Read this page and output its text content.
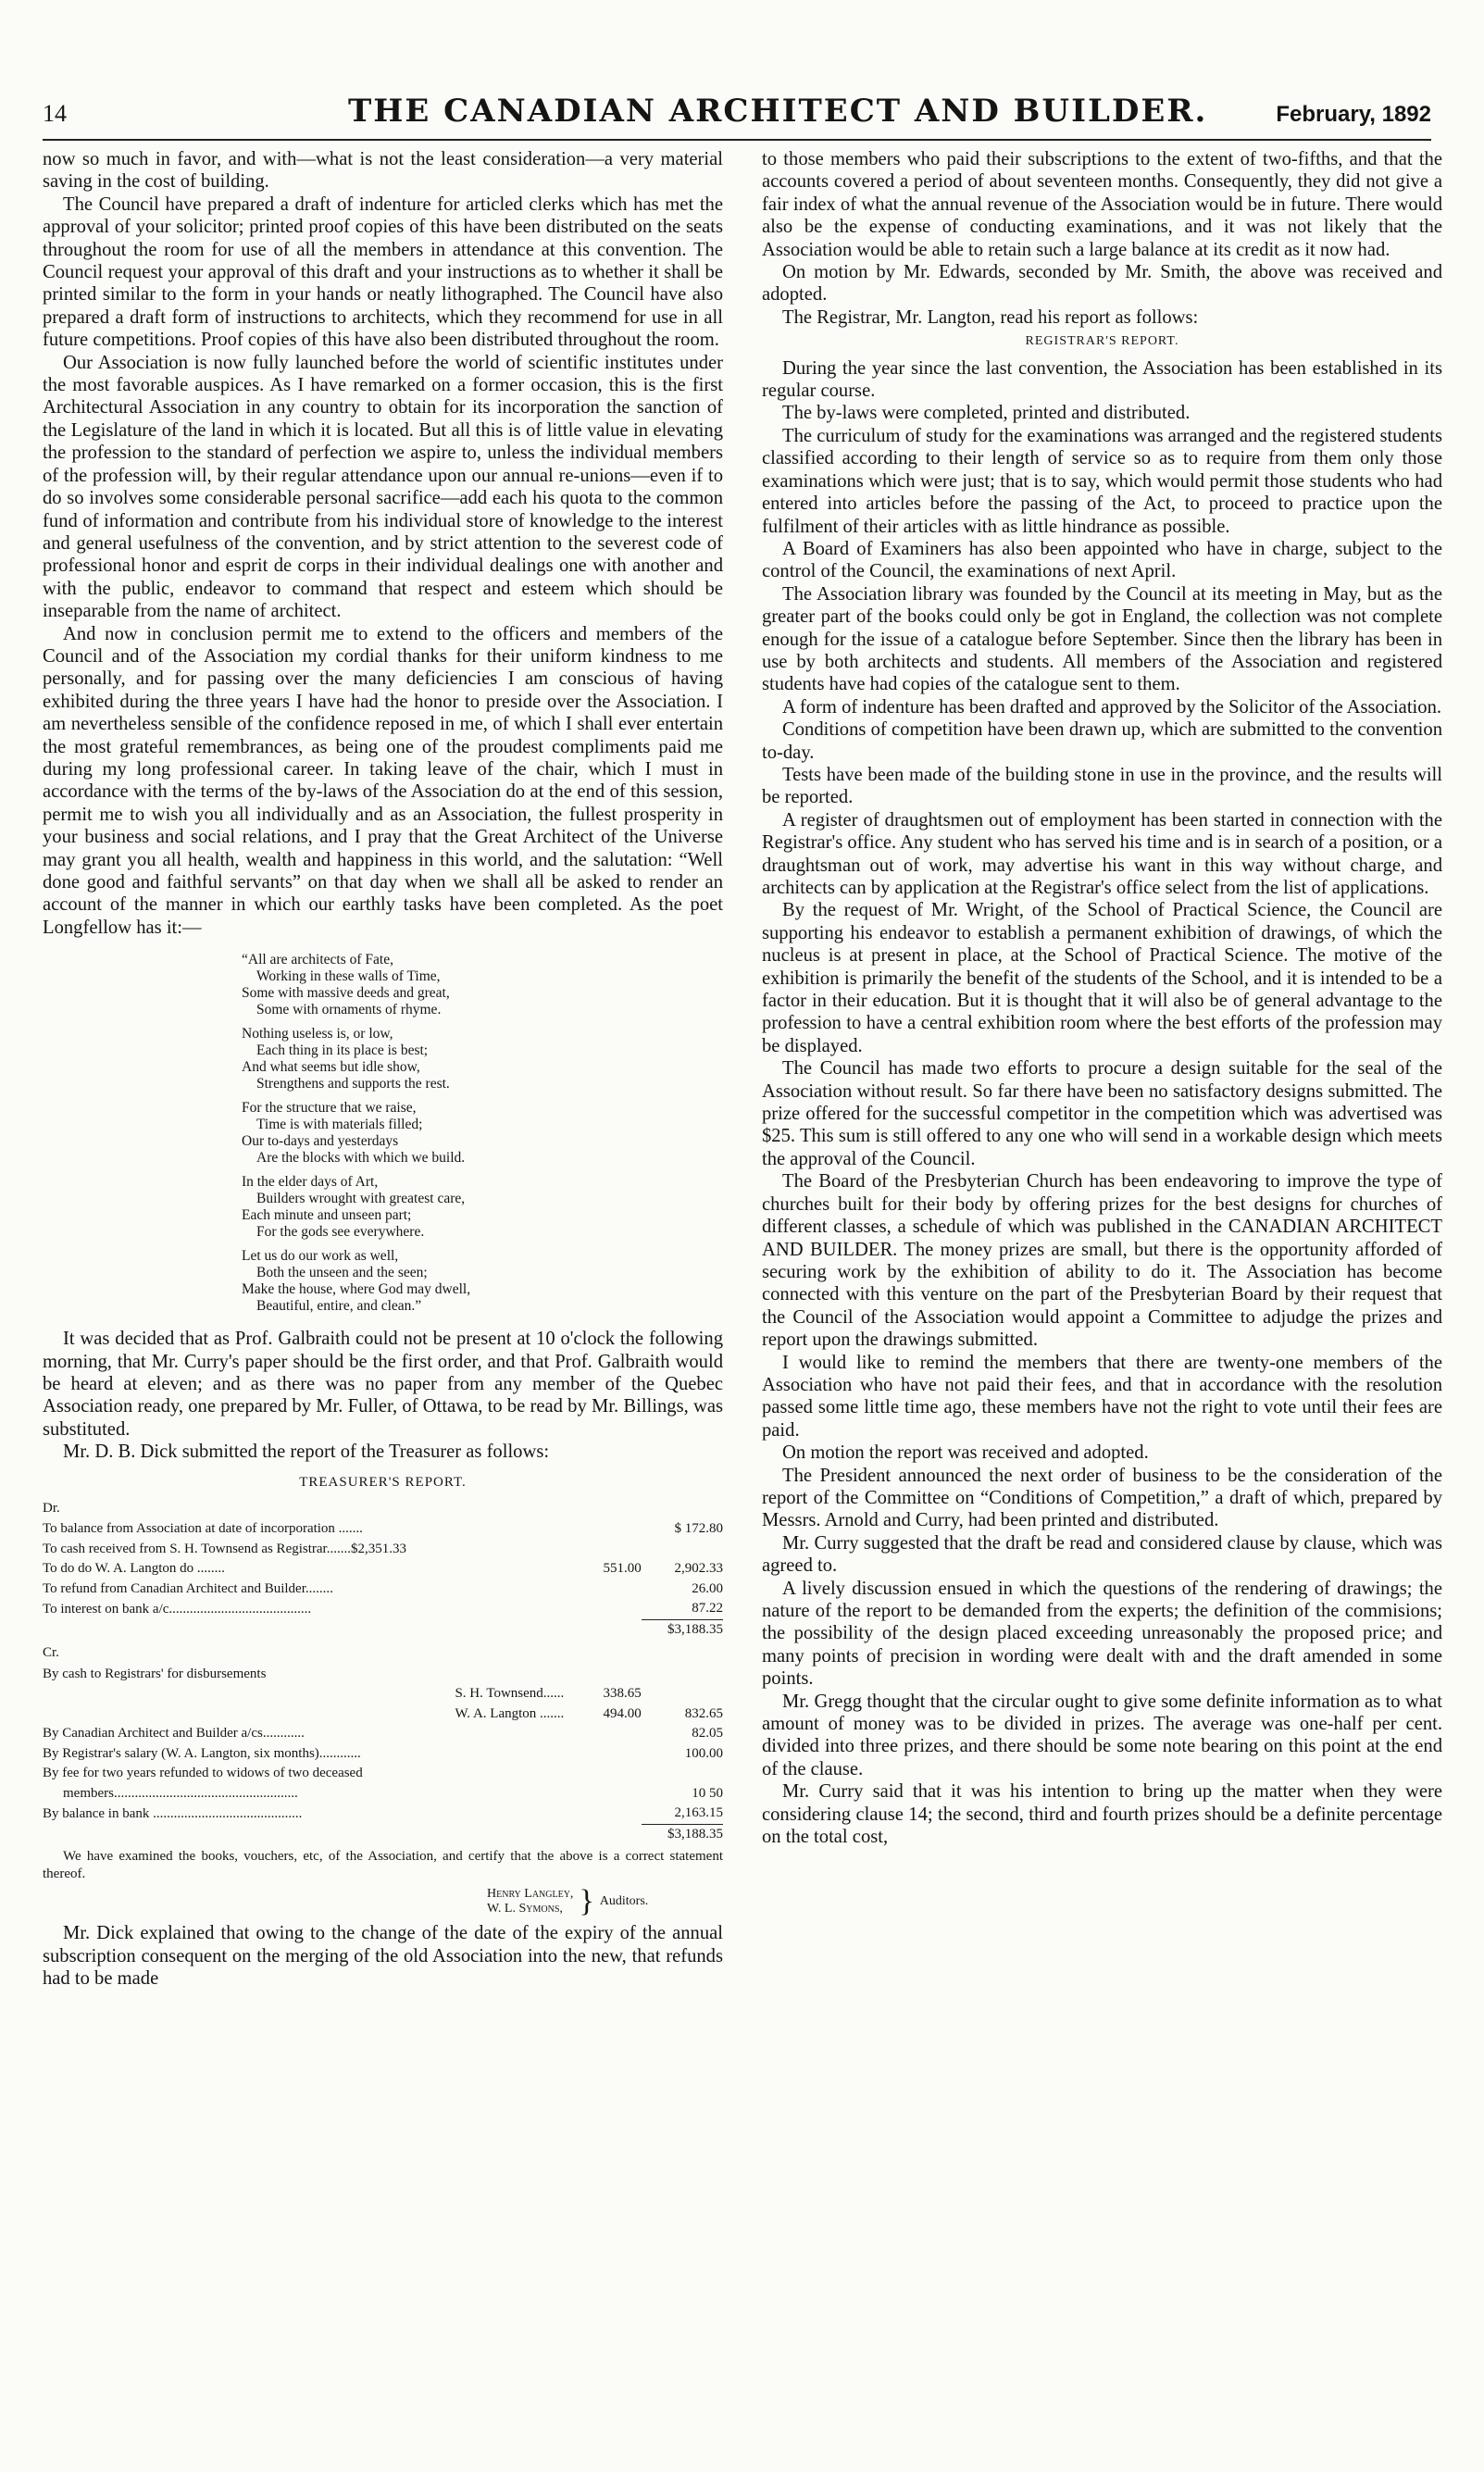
14	THE CANADIAN ARCHITECT AND BUILDER.	February, 1892

now so much in favor, and with—what is not the least consideration—a very material saving in the cost of building.

The Council have prepared a draft of indenture for articled clerks which has met the approval of your solicitor; printed proof copies of this have been distributed on the seats throughout the room for use of all the members in attendance at this convention. The Council request your approval of this draft and your instructions as to whether it shall be printed similar to the form in your hands or neatly lithographed. The Council have also prepared a draft form of instructions to architects, which they recommend for use in all future competitions. Proof copies of this have also been distributed throughout the room.

Our Association is now fully launched before the world of scientific institutes under the most favorable auspices. As I have remarked on a former occasion, this is the first Architectural Association in any country to obtain for its incorporation the sanction of the Legislature of the land in which it is located. But all this is of little value in elevating the profession to the standard of perfection we aspire to, unless the individual members of the profession will, by their regular attendance upon our annual re-unions—even if to do so involves some considerable personal sacrifice—add each his quota to the common fund of information and contribute from his individual store of knowledge to the interest and general usefulness of the convention, and by strict attention to the severest code of professional honor and esprit de corps in their individual dealings one with another and with the public, endeavor to command that respect and esteem which should be inseparable from the name of architect.

And now in conclusion permit me to extend to the officers and members of the Council and of the Association my cordial thanks for their uniform kindness to me personally, and for passing over the many deficiencies I am conscious of having exhibited during the three years I have had the honor to preside over the Association. I am nevertheless sensible of the confidence reposed in me, of which I shall ever entertain the most grateful remembrances, as being one of the proudest compliments paid me during my long professional career. In taking leave of the chair, which I must in accordance with the terms of the by-laws of the Association do at the end of this session, permit me to wish you all individually and as an Association, the fullest prosperity in your business and social relations, and I pray that the Great Architect of the Universe may grant you all health, wealth and happiness in this world, and the salutation: “Well done good and faithful servants” on that day when we shall all be asked to render an account of the manner in which our earthly tasks have been completed. As the poet Longfellow has it:—

“All are architects of Fate,
Working in these walls of Time,
Some with massive deeds and great,
Some with ornaments of rhyme.
Nothing useless is, or low,
Each thing in its place is best;
And what seems but idle show,
Strengthens and supports the rest.
For the structure that we raise,
Time is with materials filled;
Our to-days and yesterdays
Are the blocks with which we build.
In the elder days of Art,
Builders wrought with greatest care,
Each minute and unseen part;
For the gods see everywhere.
Let us do our work as well,
Both the unseen and the seen;
Make the house, where God may dwell,
Beautiful, entire, and clean.”

It was decided that as Prof. Galbraith could not be present at 10 o'clock the following morning, that Mr. Curry's paper should be the first order, and that Prof. Galbraith would be heard at eleven; and as there was no paper from any member of the Quebec Association ready, one prepared by Mr. Fuller, of Ottawa, to be read by Mr. Billings, was substituted.

Mr. D. B. Dick submitted the report of the Treasurer as follows:

TREASURER'S REPORT.
Dr.
To balance from Association at date of incorporation .......		$ 172.80
To cash received from S. H. Townsend as Registrar.......$2,351.33		
To do do W. A. Langton do ........	551.00	2,902.33
To refund from Canadian Architect and Builder........		26.00
To interest on bank a/c.........................................		87.22
		$3,188.35
Cr.
By cash to Registrars' for disbursements		
S. H. Townsend......	338.65	
W. A. Langton .......	494.00	832.65
By Canadian Architect and Builder a/cs............		82.05
By Registrar's salary (W. A. Langton, six months)............		100.00
By fee for two years refunded to widows of two deceased		
members.....................................................		10 50
By balance in bank ...........................................		2,163.15
		$3,188.35
We have examined the books, vouchers, etc, of the Association, and certify that the above is a correct statement thereof.
Henry Langley,
W. L. Symons, } Auditors.

Mr. Dick explained that owing to the change of the date of the expiry of the annual subscription consequent on the merging of the old Association into the new, that refunds had to be made

to those members who paid their subscriptions to the extent of two-fifths, and that the accounts covered a period of about seventeen months. Consequently, they did not give a fair index of what the annual revenue of the Association would be in future. There would also be the expense of conducting examinations, and it was not likely that the Association would be able to retain such a large balance at its credit as it now had.

On motion by Mr. Edwards, seconded by Mr. Smith, the above was received and adopted.

The Registrar, Mr. Langton, read his report as follows:

REGISTRAR'S REPORT.

During the year since the last convention, the Association has been established in its regular course.

The by-laws were completed, printed and distributed.

The curriculum of study for the examinations was arranged and the registered students classified according to their length of service so as to require from them only those examinations which were just; that is to say, which would permit those students who had entered into articles before the passing of the Act, to proceed to practice upon the fulfilment of their articles with as little hindrance as possible.

A Board of Examiners has also been appointed who have in charge, subject to the control of the Council, the examinations of next April.

The Association library was founded by the Council at its meeting in May, but as the greater part of the books could only be got in England, the collection was not complete enough for the issue of a catalogue before September. Since then the library has been in use by both architects and students. All members of the Association and registered students have had copies of the catalogue sent to them.

A form of indenture has been drafted and approved by the Solicitor of the Association.

Conditions of competition have been drawn up, which are submitted to the convention to-day.

Tests have been made of the building stone in use in the province, and the results will be reported.

A register of draughtsmen out of employment has been started in connection with the Registrar's office. Any student who has served his time and is in search of a position, or a draughtsman out of work, may advertise his want in this way without charge, and architects can by application at the Registrar's office select from the list of applications.

By the request of Mr. Wright, of the School of Practical Science, the Council are supporting his endeavor to establish a permanent exhibition of drawings, of which the nucleus is at present in place, at the School of Practical Science. The motive of the exhibition is primarily the benefit of the students of the School, and it is intended to be a factor in their education. But it is thought that it will also be of general advantage to the profession to have a central exhibition room where the best efforts of the profession may be displayed.

The Council has made two efforts to procure a design suitable for the seal of the Association without result. So far there have been no satisfactory designs submitted. The prize offered for the successful competitor in the competition which was advertised was $25. This sum is still offered to any one who will send in a workable design which meets the approval of the Council.

The Board of the Presbyterian Church has been endeavoring to improve the type of churches built for their body by offering prizes for the best designs for churches of different classes, a schedule of which was published in the CANADIAN ARCHITECT AND BUILDER. The money prizes are small, but there is the opportunity afforded of securing work by the exhibition of ability to do it. The Association has become connected with this venture on the part of the Presbyterian Board by their request that the Council of the Association would appoint a Committee to adjudge the prizes and report upon the drawings submitted.

I would like to remind the members that there are twenty-one members of the Association who have not paid their fees, and that in accordance with the resolution passed some little time ago, these members have not the right to vote until their fees are paid.

On motion the report was received and adopted.

The President announced the next order of business to be the consideration of the report of the Committee on “Conditions of Competition,” a draft of which, prepared by Messrs. Arnold and Curry, had been printed and distributed.

Mr. Curry suggested that the draft be read and considered clause by clause, which was agreed to.

A lively discussion ensued in which the questions of the rendering of drawings; the nature of the report to be demanded from the experts; the definition of the commisions; the possibility of the design placed exceeding unreasonably the proposed price; and many points of precision in wording were dealt with and the draft amended in some points.

Mr. Gregg thought that the circular ought to give some definite information as to what amount of money was to be divided in prizes. The average was one-half per cent. divided into three prizes, and there should be some note bearing on this point at the end of the clause.

Mr. Curry said that it was his intention to bring up the matter when they were considering clause 14; the second, third and fourth prizes should be a definite percentage on the total cost,
